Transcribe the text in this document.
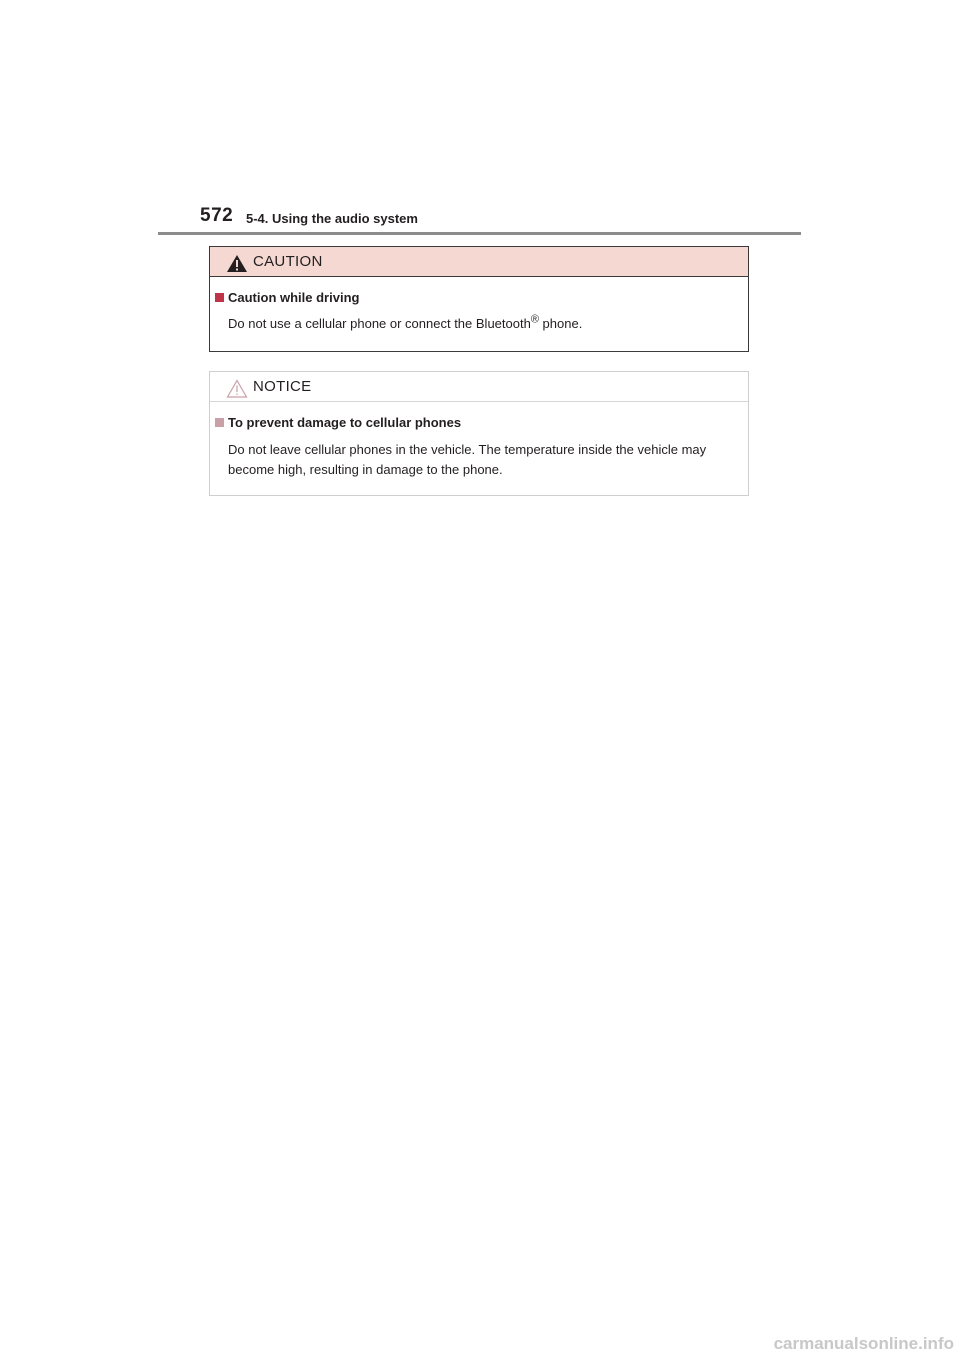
572 5-4. Using the audio system
CAUTION
Caution while driving
Do not use a cellular phone or connect the Bluetooth® phone.
NOTICE
To prevent damage to cellular phones
Do not leave cellular phones in the vehicle. The temperature inside the vehicle may become high, resulting in damage to the phone.
carmanualsonline.info
